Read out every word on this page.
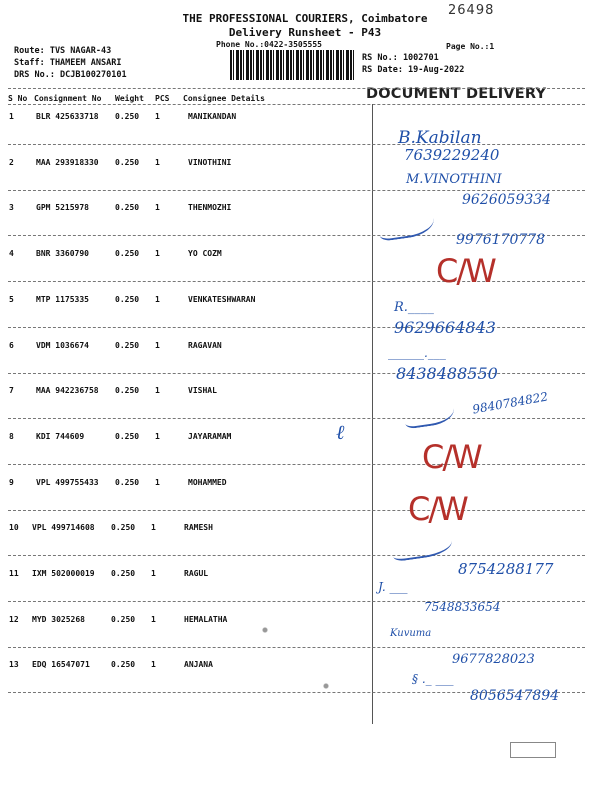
26498
THE PROFESSIONAL COURIERS, Coimbatore
Delivery Runsheet - P43
Phone No.:0422-3505555	Page No.:1
Route: TVS NAGAR-43
Staff: THAMEEM ANSARI
DRS No.: DCJB100270101
RS No.: 1002701
RS Date: 19-Aug-2022
S No Consignment No Weight PCS Consignee Details	DOCUMENT DELIVERY
1	BLR 425633718 0.250 1	MANIKANDAN
2	MAA 293918330 0.250 1	VINOTHINI
3	GPM 5215978	0.250 1	THENMOZHI
4	BNR 3360790	0.250 1	YO COZM
5	MTP 1175335	0.250 1	VENKATESHWARAN
6	VDM 1036674	0.250 1	RAGAVAN
7	MAA 942236758 0.250 1	VISHAL
8	KDI 744609	0.250 1	JAYARAMAM
9	VPL 499755433 0.250 1	MOHAMMED
10 VPL 499714608 0.250 1	RAMESH
11 IXM 502000019 0.250 1	RAGUL
12 MYD 3025268	0.250 1	HEMALATHA
13 EDQ 16547071	0.250 1	ANJANA
B.Kabilan
7639229240
M.VINOTHINI
9626059334
9976170778
C/W
R.____
9629664843
______.___
8438488550
9840784822
ℓ
C/W
C/W
8754288177
J. ___
7548833654
Kuvuma
9677828023
§ ._ ___
8056547894
